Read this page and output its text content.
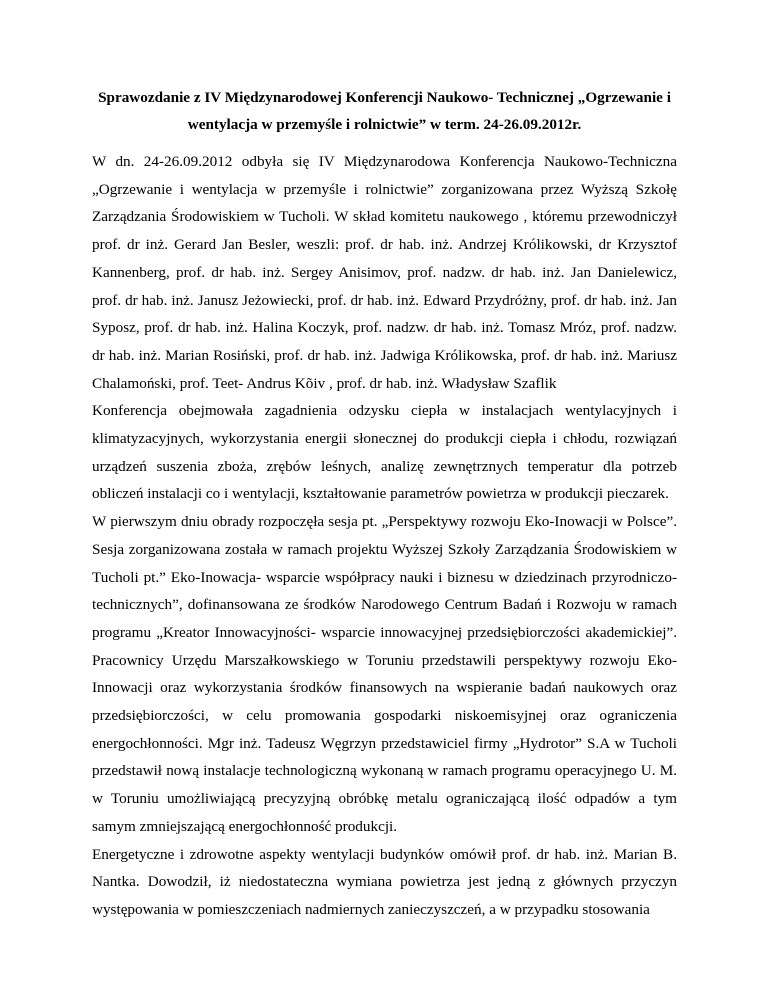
Sprawozdanie z IV Międzynarodowej Konferencji Naukowo- Technicznej „Ogrzewanie i wentylacja w przemyśle i rolnictwie” w term. 24-26.09.2012r.

W dn. 24-26.09.2012 odbyła się IV Międzynarodowa Konferencja Naukowo-Techniczna „Ogrzewanie i wentylacja w przemyśle i rolnictwie” zorganizowana przez Wyższą Szkołę Zarządzania Środowiskiem w Tucholi. W skład komitetu naukowego , któremu przewodniczył prof. dr inż. Gerard Jan Besler, weszli: prof. dr hab. inż. Andrzej Królikowski, dr Krzysztof Kannenberg, prof. dr hab. inż. Sergey Anisimov, prof. nadzw. dr hab. inż. Jan Danielewicz, prof. dr hab. inż. Janusz Jeżowiecki, prof. dr hab. inż. Edward Przydróżny, prof. dr hab. inż. Jan Syposz, prof. dr hab. inż. Halina Koczyk, prof. nadzw. dr hab. inż. Tomasz Mróz, prof. nadzw. dr hab. inż. Marian Rosiński, prof. dr hab. inż. Jadwiga Królikowska, prof. dr hab. inż. Mariusz Chalamoński, prof. Teet- Andrus Kõiv , prof. dr hab. inż. Władysław Szaflik

Konferencja obejmowała zagadnienia odzysku ciepła w instalacjach wentylacyjnych i klimatyzacyjnych, wykorzystania energii słonecznej do produkcji ciepła i chłodu, rozwiązań urządzeń suszenia zboża, zrębów leśnych, analizę zewnętrznych temperatur dla potrzeb obliczeń instalacji co i wentylacji, kształtowanie parametrów powietrza w produkcji pieczarek.

W pierwszym dniu obrady rozpoczęła sesja pt. „Perspektywy rozwoju Eko-Inowacji w Polsce”. Sesja zorganizowana została w ramach projektu Wyższej Szkoły Zarządzania Środowiskiem w Tucholi pt.” Eko-Inowacja- wsparcie współpracy nauki i biznesu w dziedzinach przyrodniczo-technicznych”, dofinansowana ze środków Narodowego Centrum Badań i Rozwoju w ramach programu „Kreator Innowacyjności- wsparcie innowacyjnej przedsiębiorczości akademickiej”. Pracownicy Urzędu Marszałkowskiego w Toruniu przedstawili perspektywy rozwoju Eko- Innowacji oraz wykorzystania środków finansowych na wspieranie badań naukowych oraz przedsiębiorczości, w celu promowania gospodarki niskoemisyjnej oraz ograniczenia energochłonności. Mgr inż. Tadeusz Węgrzyn przedstawiciel firmy „Hydrotor” S.A w Tucholi przedstawił nową instalacje technologiczną wykonaną w ramach programu operacyjnego U. M. w Toruniu umożliwiającą precyzyjną obróbkę metalu ograniczającą ilość odpadów a tym samym zmniejszającą energochłonność produkcji.

Energetyczne i zdrowotne aspekty wentylacji budynków omówił prof. dr hab. inż. Marian B. Nantka. Dowodził, iż niedostateczna wymiana powietrza jest jedną z głównych przyczyn występowania w pomieszczeniach nadmiernych zanieczyszczeń, a w przypadku stosowania
